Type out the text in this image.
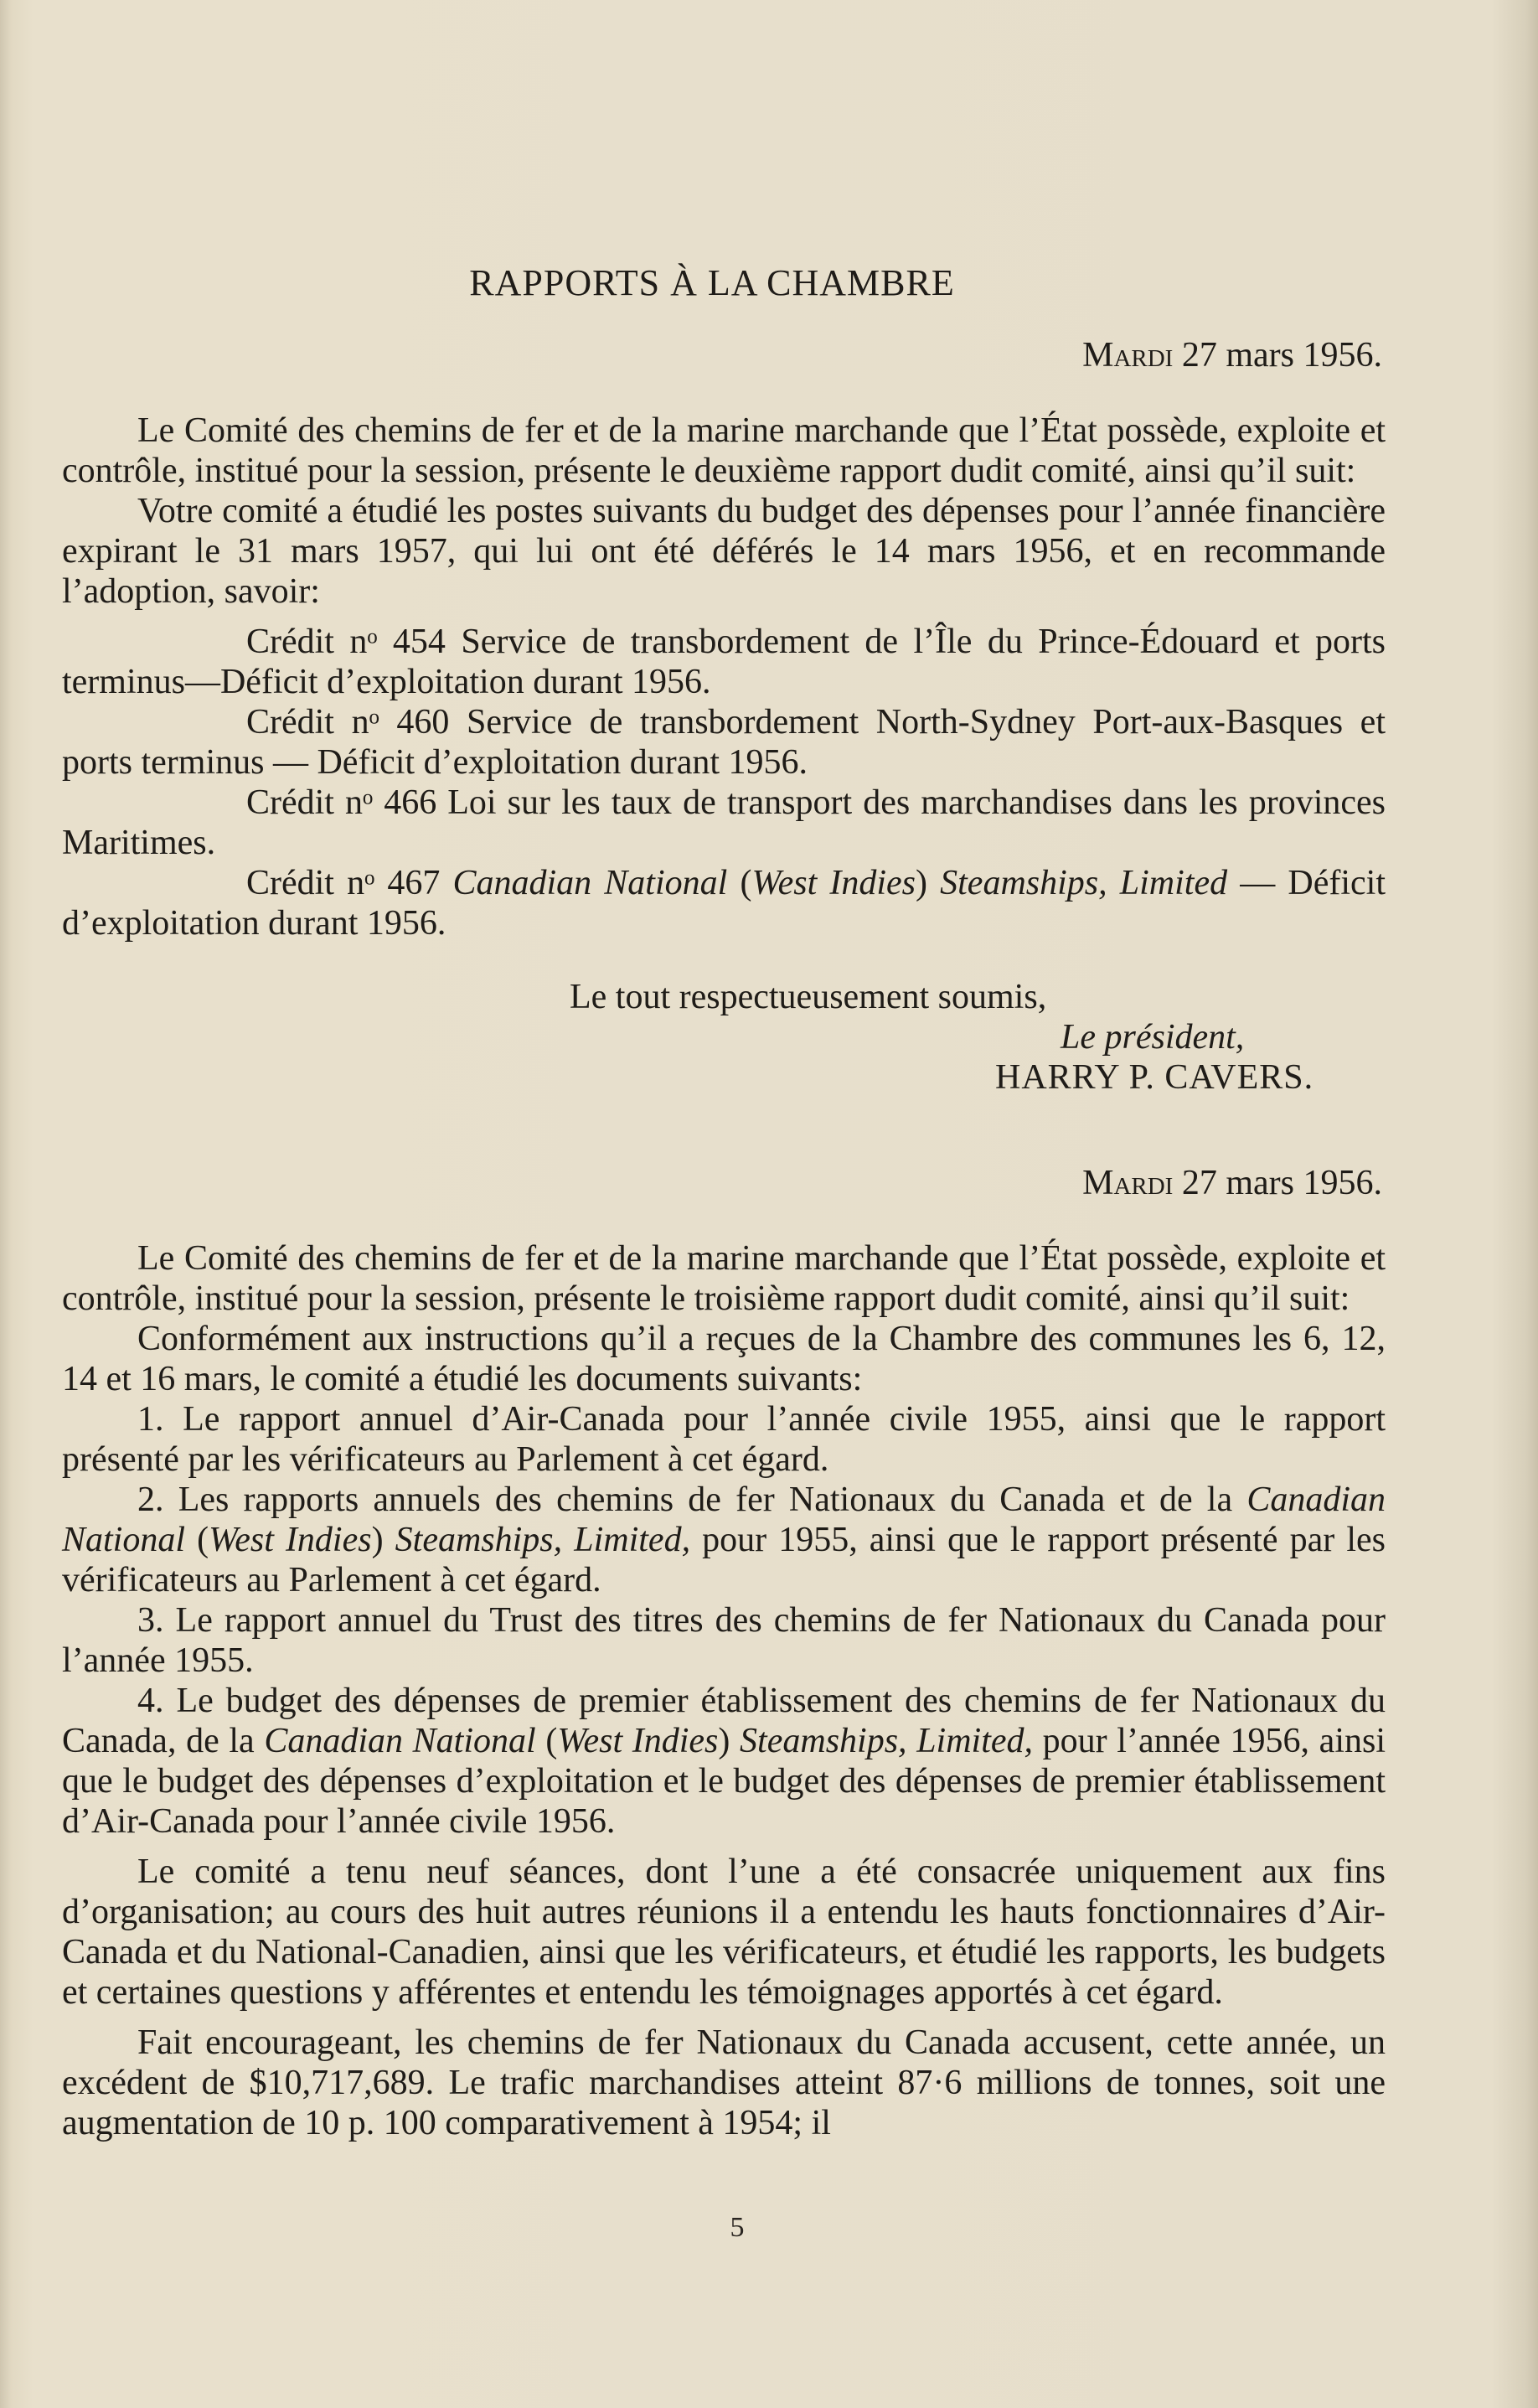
RAPPORTS À LA CHAMBRE
Mardi 27 mars 1956.

Le Comité des chemins de fer et de la marine marchande que l’État possède, exploite et contrôle, institué pour la session, présente le deuxième rapport dudit comité, ainsi qu’il suit:

Votre comité a étudié les postes suivants du budget des dépenses pour l’année financière expirant le 31 mars 1957, qui lui ont été déférés le 14 mars 1956, et en recommande l’adoption, savoir:

Crédit nᵒ 454 Service de transbordement de l’Île du Prince-Édouard et ports terminus—Déficit d’exploitation durant 1956.

Crédit nᵒ 460 Service de transbordement North-Sydney Port-aux-Basques et ports terminus — Déficit d’exploitation durant 1956.

Crédit nᵒ 466 Loi sur les taux de transport des marchandises dans les provinces Maritimes.

Crédit nᵒ 467 Canadian National (West Indies) Steamships, Limited — Déficit d’exploitation durant 1956.

Le tout respectueusement soumis,
Le président,
HARRY P. CAVERS.
Mardi 27 mars 1956.

Le Comité des chemins de fer et de la marine marchande que l’État possède, exploite et contrôle, institué pour la session, présente le troisième rapport dudit comité, ainsi qu’il suit:

Conformément aux instructions qu’il a reçues de la Chambre des communes les 6, 12, 14 et 16 mars, le comité a étudié les documents suivants:

1. Le rapport annuel d’Air-Canada pour l’année civile 1955, ainsi que le rapport présenté par les vérificateurs au Parlement à cet égard.

2. Les rapports annuels des chemins de fer Nationaux du Canada et de la Canadian National (West Indies) Steamships, Limited, pour 1955, ainsi que le rapport présenté par les vérificateurs au Parlement à cet égard.

3. Le rapport annuel du Trust des titres des chemins de fer Nationaux du Canada pour l’année 1955.

4. Le budget des dépenses de premier établissement des chemins de fer Nationaux du Canada, de la Canadian National (West Indies) Steamships, Limited, pour l’année 1956, ainsi que le budget des dépenses d’exploitation et le budget des dépenses de premier établissement d’Air-Canada pour l’année civile 1956.

Le comité a tenu neuf séances, dont l’une a été consacrée uniquement aux fins d’organisation; au cours des huit autres réunions il a entendu les hauts fonctionnaires d’Air-Canada et du National-Canadien, ainsi que les vérificateurs, et étudié les rapports, les budgets et certaines questions y afférentes et entendu les témoignages apportés à cet égard.

Fait encourageant, les chemins de fer Nationaux du Canada accusent, cette année, un excédent de $10,717,689. Le trafic marchandises atteint 87·6 millions de tonnes, soit une augmentation de 10 p. 100 comparativement à 1954; il

5
